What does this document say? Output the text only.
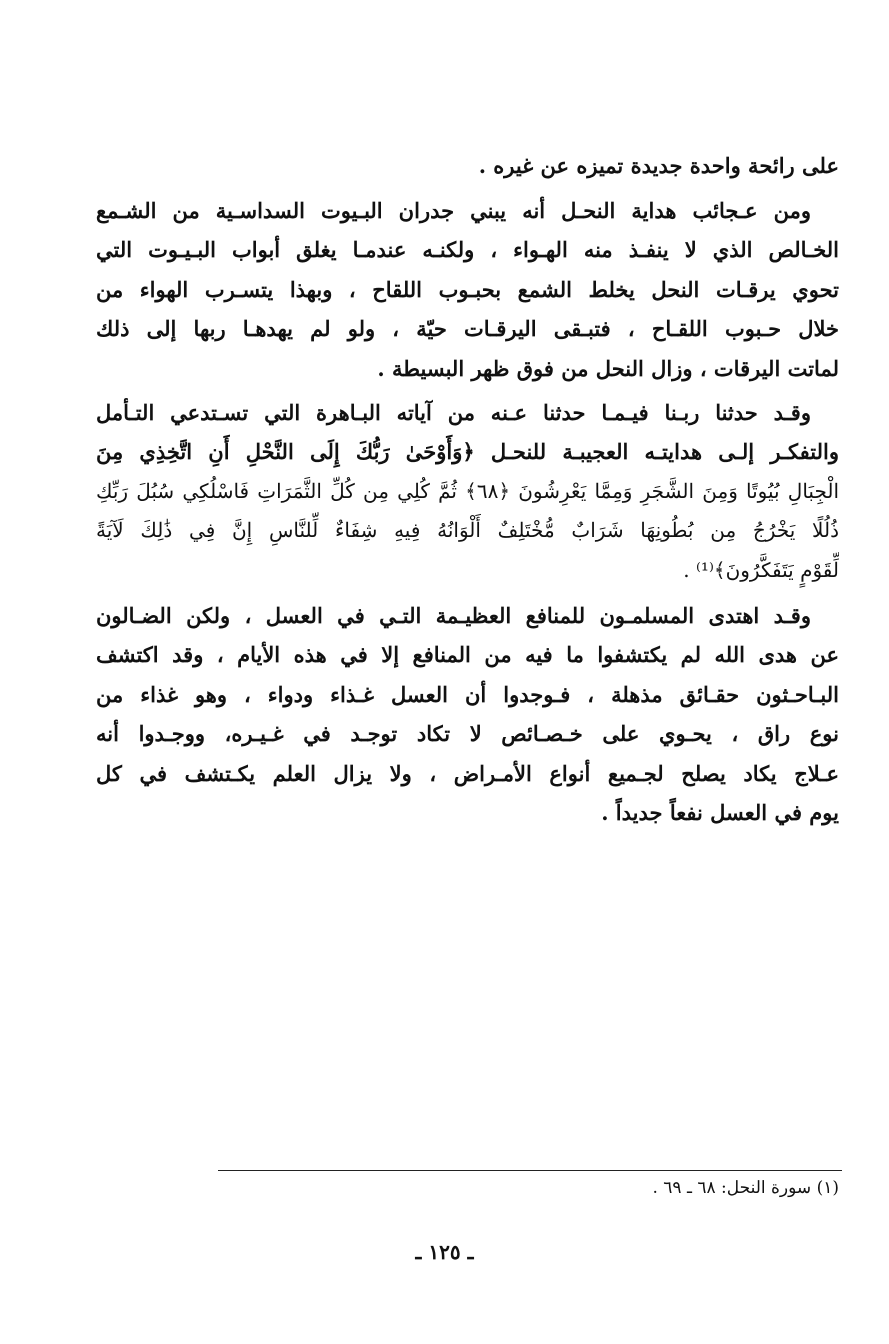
على رائحة واحدة جديدة تميزه عن غيره .
ومن عـجائب هداية النحـل أنه يبني جدران البـيوت السداسـية من الشـمع
الخـالص الذي لا ينفـذ منه الهـواء ، ولكنـه عندمـا يغلق أبواب البـيـوت التي
تحوي يرقـات النحل يخلط الشمع بحبـوب اللقاح ، وبهذا يتسـرب الهواء من
خلال حـبوب اللقـاح ، فتبـقى اليرقـات حيّة ، ولو لم يهدهـا ربها إلى ذلك
لماتت اليرقات ، وزال النحل من فوق ظهر البسيطة .
وقـد حدثنا ربـنا فيـمـا حدثنا عـنه من آياته البـاهرة التي تسـتدعي التـأمل
والتفكـر إلـى هدايتـه العجيبـة للنحـل ﴿وَأَوْحَىٰ رَبُّكَ إِلَى النَّحْلِ أَنِ اتَّخِذِي مِنَ
الْجِبَالِ بُيُوتًا وَمِنَ الشَّجَرِ وَمِمَّا يَعْرِشُونَ ﴿٦٨﴾ ثُمَّ كُلِي مِن كُلِّ الثَّمَرَاتِ فَاسْلُكِي سُبُلَ رَبِّكِ
ذُلُلًا يَخْرُجُ مِن بُطُونِهَا شَرَابٌ مُّخْتَلِفٌ أَلْوَانُهُ فِيهِ شِفَاءٌ لِّلنَّاسِ إِنَّ فِي ذَٰلِكَ لَآيَةً
لِّقَوْمٍ يَتَفَكَّرُونَ﴾⁽¹⁾ .
وقـد اهتدى المسلمـون للمنافع العظيـمة التـي في العسل ، ولكن الضـالون
عن هدى الله لم يكتشفوا ما فيه من المنافع إلا في هذه الأيام ، وقد اكتشف
البـاحـثون حقـائق مذهلة ، فـوجدوا أن العسل غـذاء ودواء ، وهو غذاء من
نوع راق ، يحـوي على خـصـائص لا تكاد توجـد في غـيـره، ووجـدوا أنه
عـلاج يكاد يصلح لجـميع أنواع الأمـراض ، ولا يزال العلم يكـتشف في كل
يوم في العسل نفعاً جديداً .
(١) سورة النحل: ٦٨ ـ ٦٩ .
ـ ١٢٥ ـ
